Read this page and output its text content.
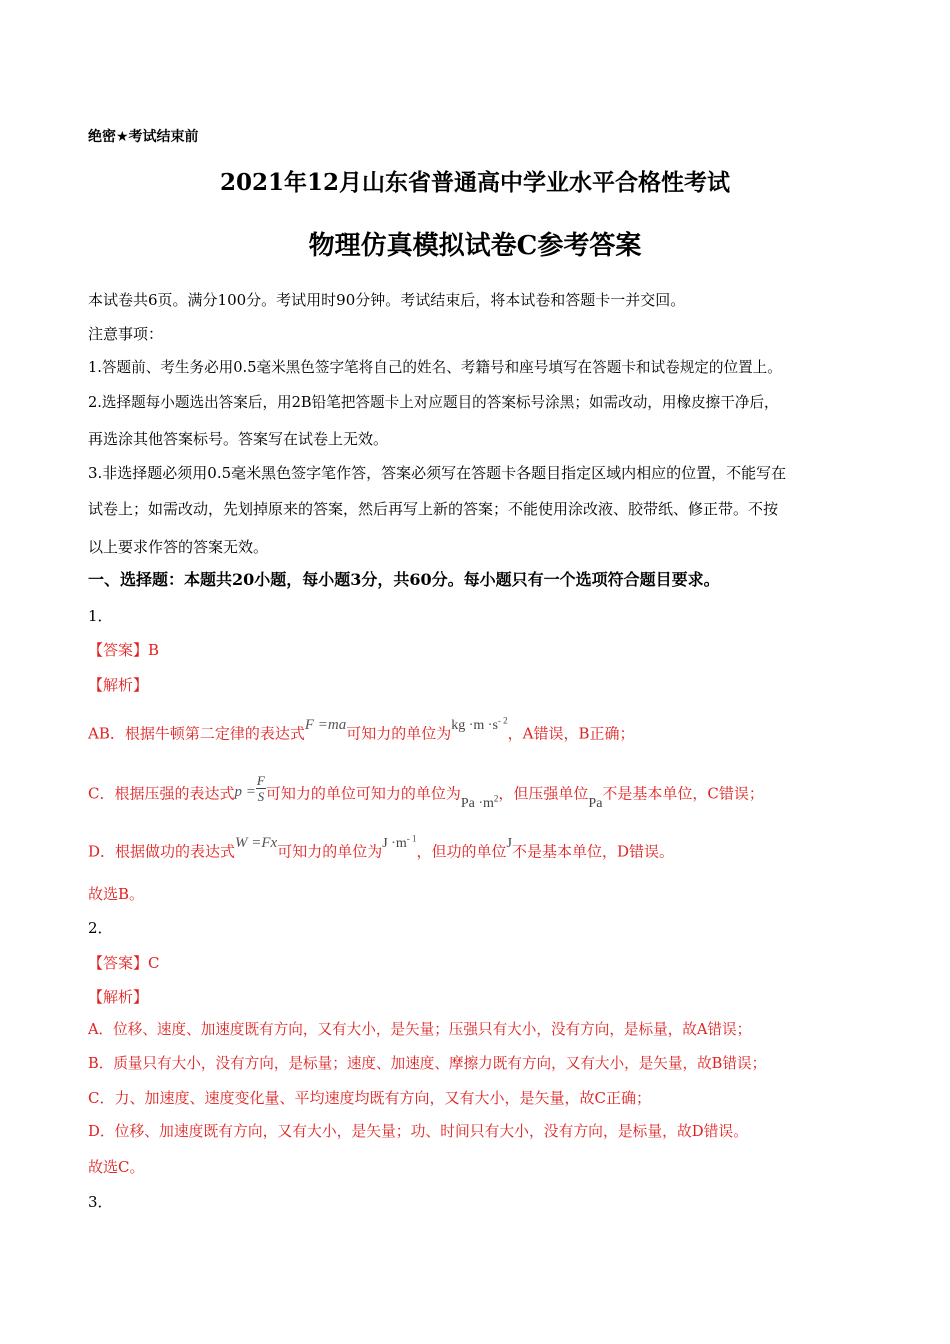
绝密★考试结束前
2021年12月山东省普通高中学业水平合格性考试
物理仿真模拟试卷C参考答案
本试卷共6页。满分100分。考试用时90分钟。考试结束后，将本试卷和答题卡一并交回。
注意事项：
1.答题前、考生务必用0.5毫米黑色签字笔将自己的姓名、考籍号和座号填写在答题卡和试卷规定的位置上。
2.选择题每小题选出答案后，用2B铅笔把答题卡上对应题目的答案标号涂黑；如需改动，用橡皮擦干净后，
再选涂其他答案标号。答案写在试卷上无效。
3.非选择题必须用0.5毫米黑色签字笔作答，答案必须写在答题卡各题目指定区域内相应的位置，不能写在
试卷上；如需改动，先划掉原来的答案，然后再写上新的答案；不能使用涂改液、胶带纸、修正带。不按
以上要求作答的答案无效。
一、选择题：本题共20小题，每小题3分，共60分。每小题只有一个选项符合题目要求。
1．
【答案】B
【解析】
AB．根据牛顿第二定律的表达式F =ma可知力的单位为kg $\cdot m \cdot s^{- 2}$，A错误，B正确；
C．根据压强的表达式$p = \frac{F}{S}$ 可知力的单位可知力的单位为$Pa \cdot m^2$，但压强单位Pa不是基本单位，C错误；
D．根据做功的表达式W =Fx可知力的单位为$J \cdot m^{- 1}$，但功的单位J不是基本单位，D错误。
故选B。
2．
【答案】C
【解析】
A．位移、速度、加速度既有方向，又有大小，是矢量；压强只有大小，没有方向，是标量，故A错误；
B．质量只有大小，没有方向，是标量；速度、加速度、摩擦力既有方向，又有大小，是矢量，故B错误；
C．力、加速度、速度变化量、平均速度均既有方向，又有大小，是矢量，故C正确；
D．位移、加速度既有方向，又有大小，是矢量；功、时间只有大小，没有方向，是标量，故D错误。
故选C。
3．
